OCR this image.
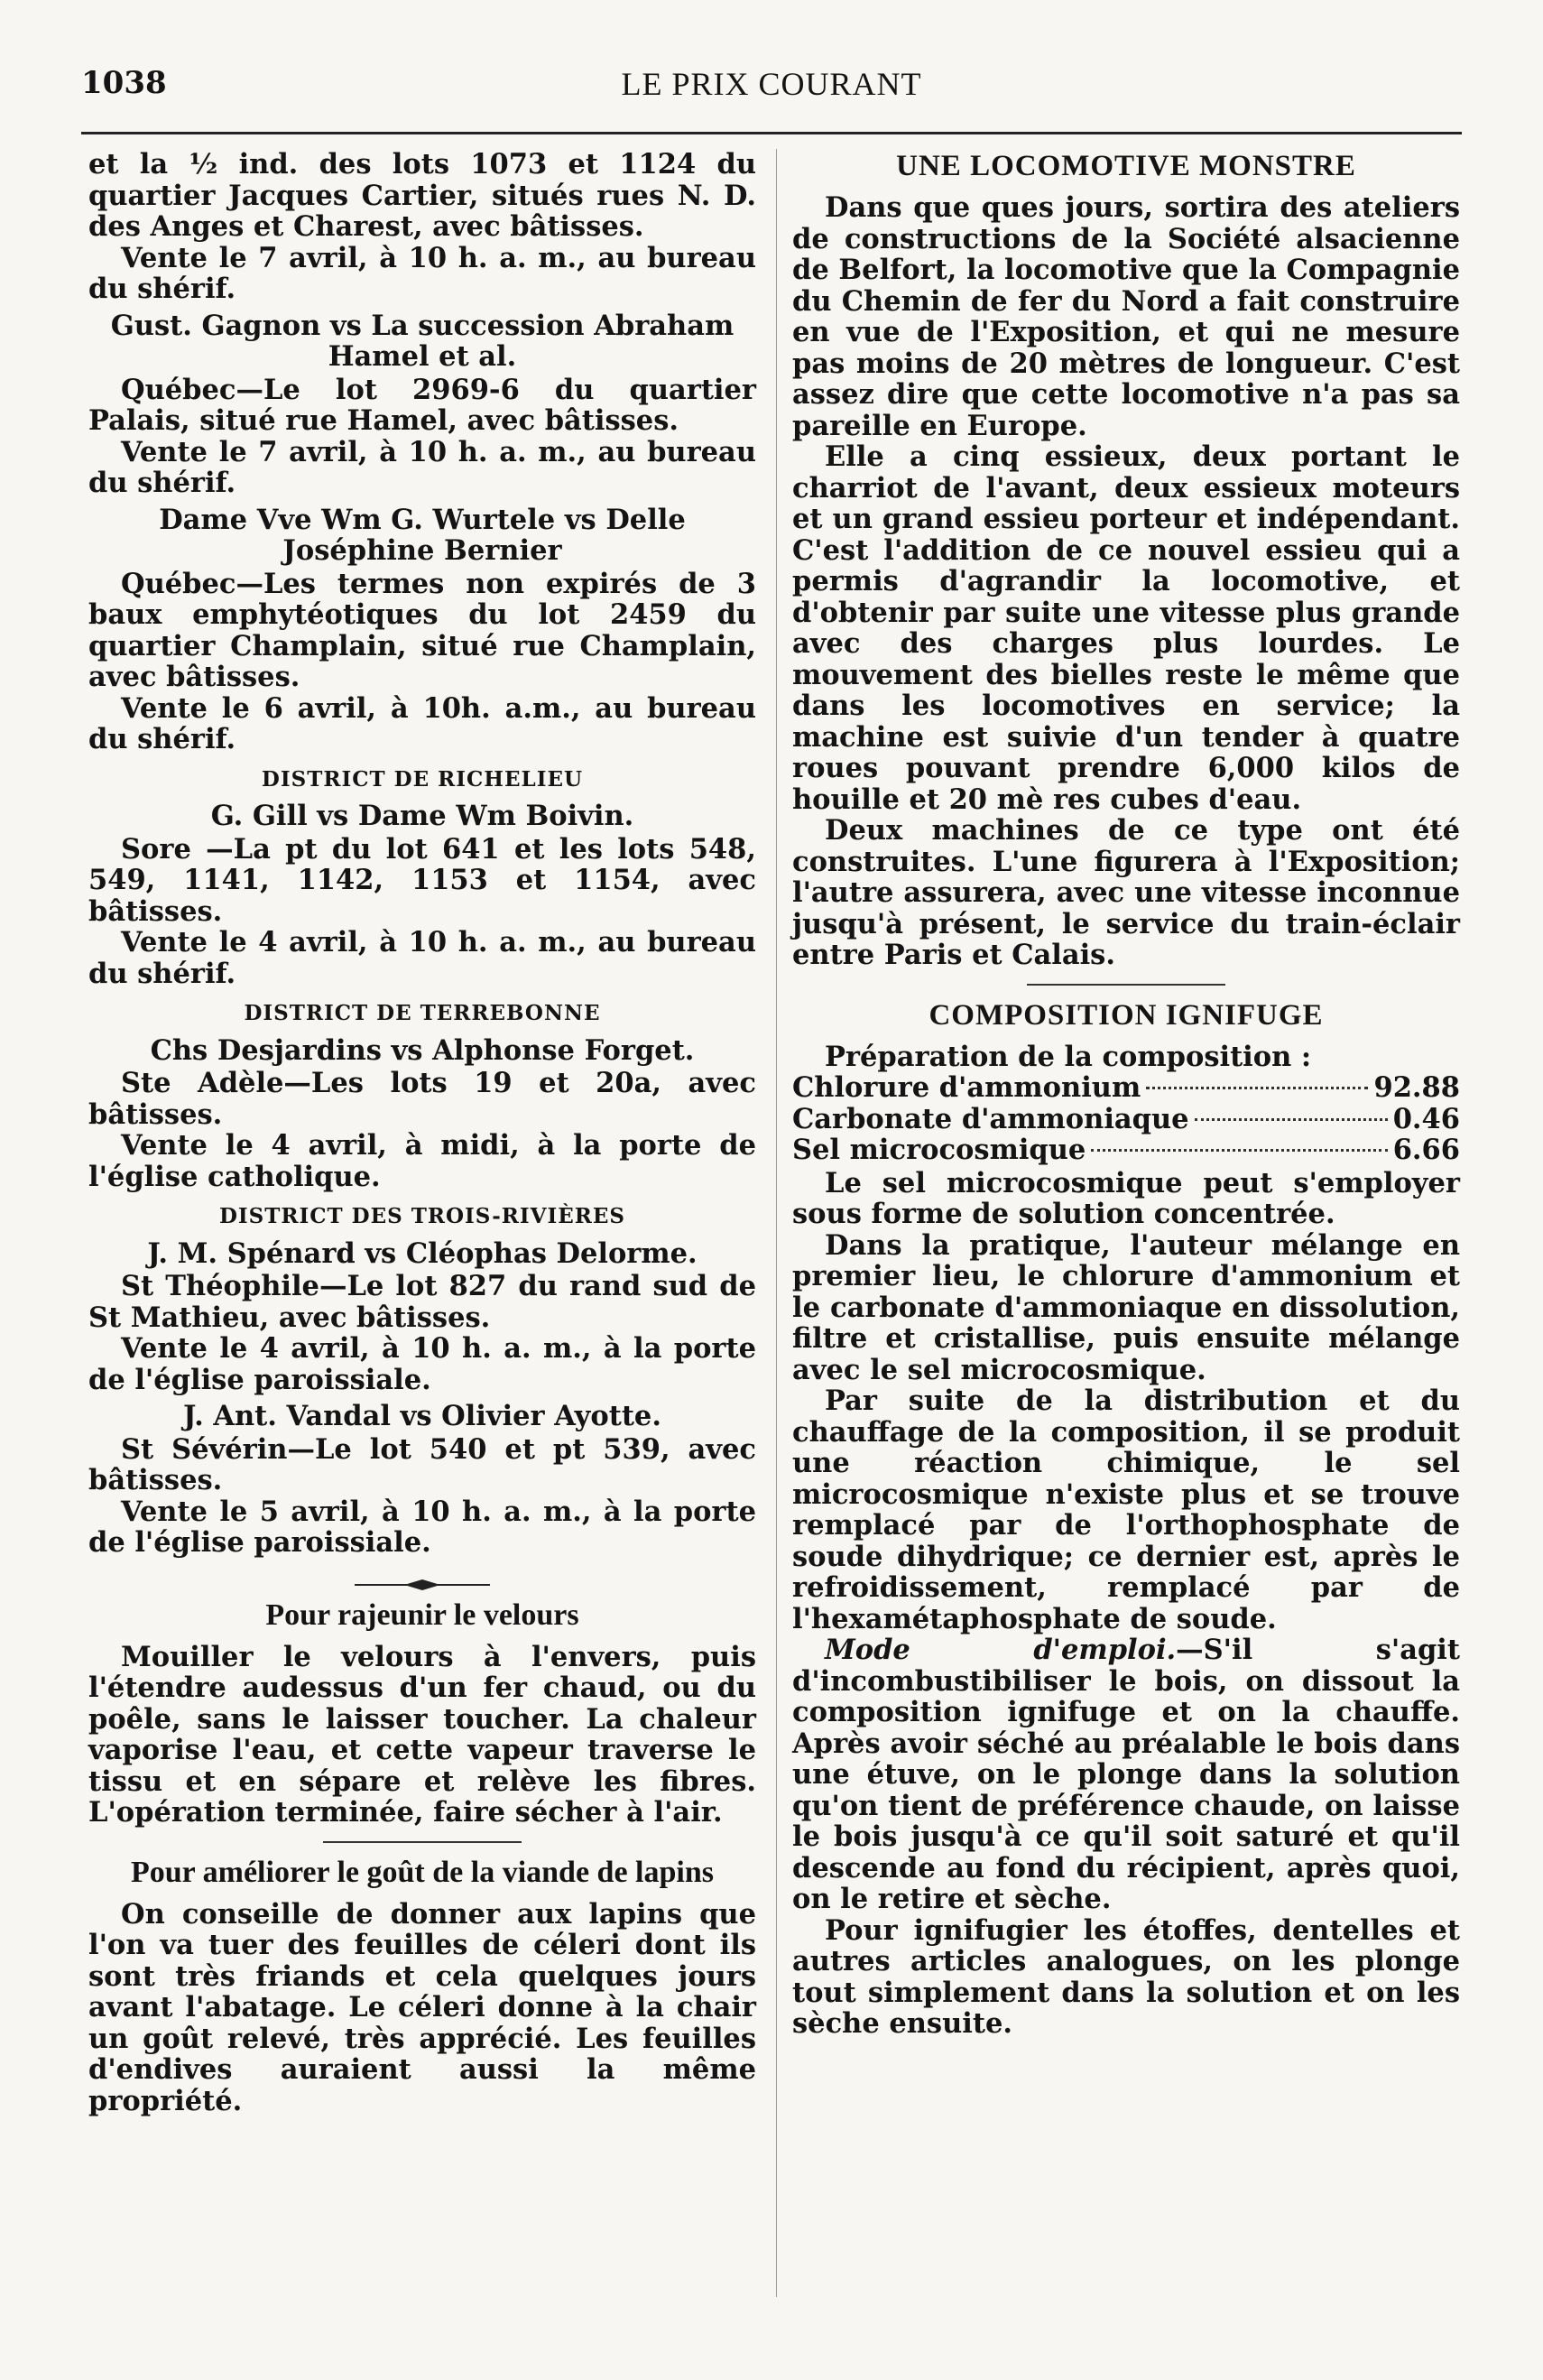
1038	LE PRIX COURANT

et la ½ ind. des lots 1073 et 1124 du quartier Jacques Cartier, situés rues N. D. des Anges et Charest, avec bâtisses.

Vente le 7 avril, à 10 h. a. m., au bureau du shérif.

Gust. Gagnon vs La succession Abraham Hamel et al.

Québec—Le lot 2969-6 du quartier Palais, situé rue Hamel, avec bâtisses.

Vente le 7 avril, à 10 h. a. m., au bureau du shérif.

Dame Vve Wm G. Wurtele vs Delle Joséphine Bernier

Québec—Les termes non expirés de 3 baux emphytéotiques du lot 2459 du quartier Champlain, situé rue Champlain, avec bâtisses.

Vente le 6 avril, à 10h. a.m., au bureau du shérif.

DISTRICT DE RICHELIEU

G. Gill vs Dame Wm Boivin.

Sore —La pt du lot 641 et les lots 548, 549, 1141, 1142, 1153 et 1154, avec bâtisses.

Vente le 4 avril, à 10 h. a. m., au bureau du shérif.

DISTRICT DE TERREBONNE

Chs Desjardins vs Alphonse Forget.

Ste Adèle—Les lots 19 et 20a, avec bâtisses.

Vente le 4 avril, à midi, à la porte de l'église catholique.

DISTRICT DES TROIS-RIVIÈRES

J. M. Spénard vs Cléophas Delorme.

St Théophile—Le lot 827 du rand sud de St Mathieu, avec bâtisses.

Vente le 4 avril, à 10 h. a. m., à la porte de l'église paroissiale.

J. Ant. Vandal vs Olivier Ayotte.

St Sévérin—Le lot 540 et pt 539, avec bâtisses.

Vente le 5 avril, à 10 h. a. m., à la porte de l'église paroissiale.

Pour rajeunir le velours

Mouiller le velours à l'envers, puis l'étendre audessus d'un fer chaud, ou du poêle, sans le laisser toucher. La chaleur vaporise l'eau, et cette vapeur traverse le tissu et en sépare et relève les fibres. L'opération terminée, faire sécher à l'air.

Pour améliorer le goût de la viande de lapins

On conseille de donner aux lapins que l'on va tuer des feuilles de céleri dont ils sont très friands et cela quelques jours avant l'abatage. Le céleri donne à la chair un goût relevé, très apprécié. Les feuilles d'endives auraient aussi la même propriété.

UNE LOCOMOTIVE MONSTRE

Dans que ques jours, sortira des ateliers de constructions de la Société alsacienne de Belfort, la locomotive que la Compagnie du Chemin de fer du Nord a fait construire en vue de l'Exposition, et qui ne mesure pas moins de 20 mètres de longueur. C'est assez dire que cette locomotive n'a pas sa pareille en Europe.

Elle a cinq essieux, deux portant le charriot de l'avant, deux essieux moteurs et un grand essieu porteur et indépendant. C'est l'addition de ce nouvel essieu qui a permis d'agrandir la locomotive, et d'obtenir par suite une vitesse plus grande avec des charges plus lourdes. Le mouvement des bielles reste le même que dans les locomotives en service; la machine est suivie d'un tender à quatre roues pouvant prendre 6,000 kilos de houille et 20 mè res cubes d'eau.

Deux machines de ce type ont été construites. L'une figurera à l'Exposition; l'autre assurera, avec une vitesse inconnue jusqu'à présent, le service du train-éclair entre Paris et Calais.

COMPOSITION IGNIFUGE

Préparation de la composition :

Chlorure d'ammonium	92.88
Carbonate d'ammoniaque	0.46
Sel microcosmique	6.66

Le sel microcosmique peut s'employer sous forme de solution concentrée.

Dans la pratique, l'auteur mélange en premier lieu, le chlorure d'ammonium et le carbonate d'ammoniaque en dissolution, filtre et cristallise, puis ensuite mélange avec le sel microcosmique.

Par suite de la distribution et du chauffage de la composition, il se produit une réaction chimique, le sel microcosmique n'existe plus et se trouve remplacé par de l'orthophosphate de soude dihydrique; ce dernier est, après le refroidissement, remplacé par de l'hexamétaphosphate de soude.

Mode d'emploi.—S'il s'agit d'incombustibiliser le bois, on dissout la composition ignifuge et on la chauffe. Après avoir séché au préalable le bois dans une étuve, on le plonge dans la solution qu'on tient de préférence chaude, on laisse le bois jusqu'à ce qu'il soit saturé et qu'il descende au fond du récipient, après quoi, on le retire et sèche.

Pour ignifugier les étoffes, dentelles et autres articles analogues, on les plonge tout simplement dans la solution et on les sèche ensuite.
